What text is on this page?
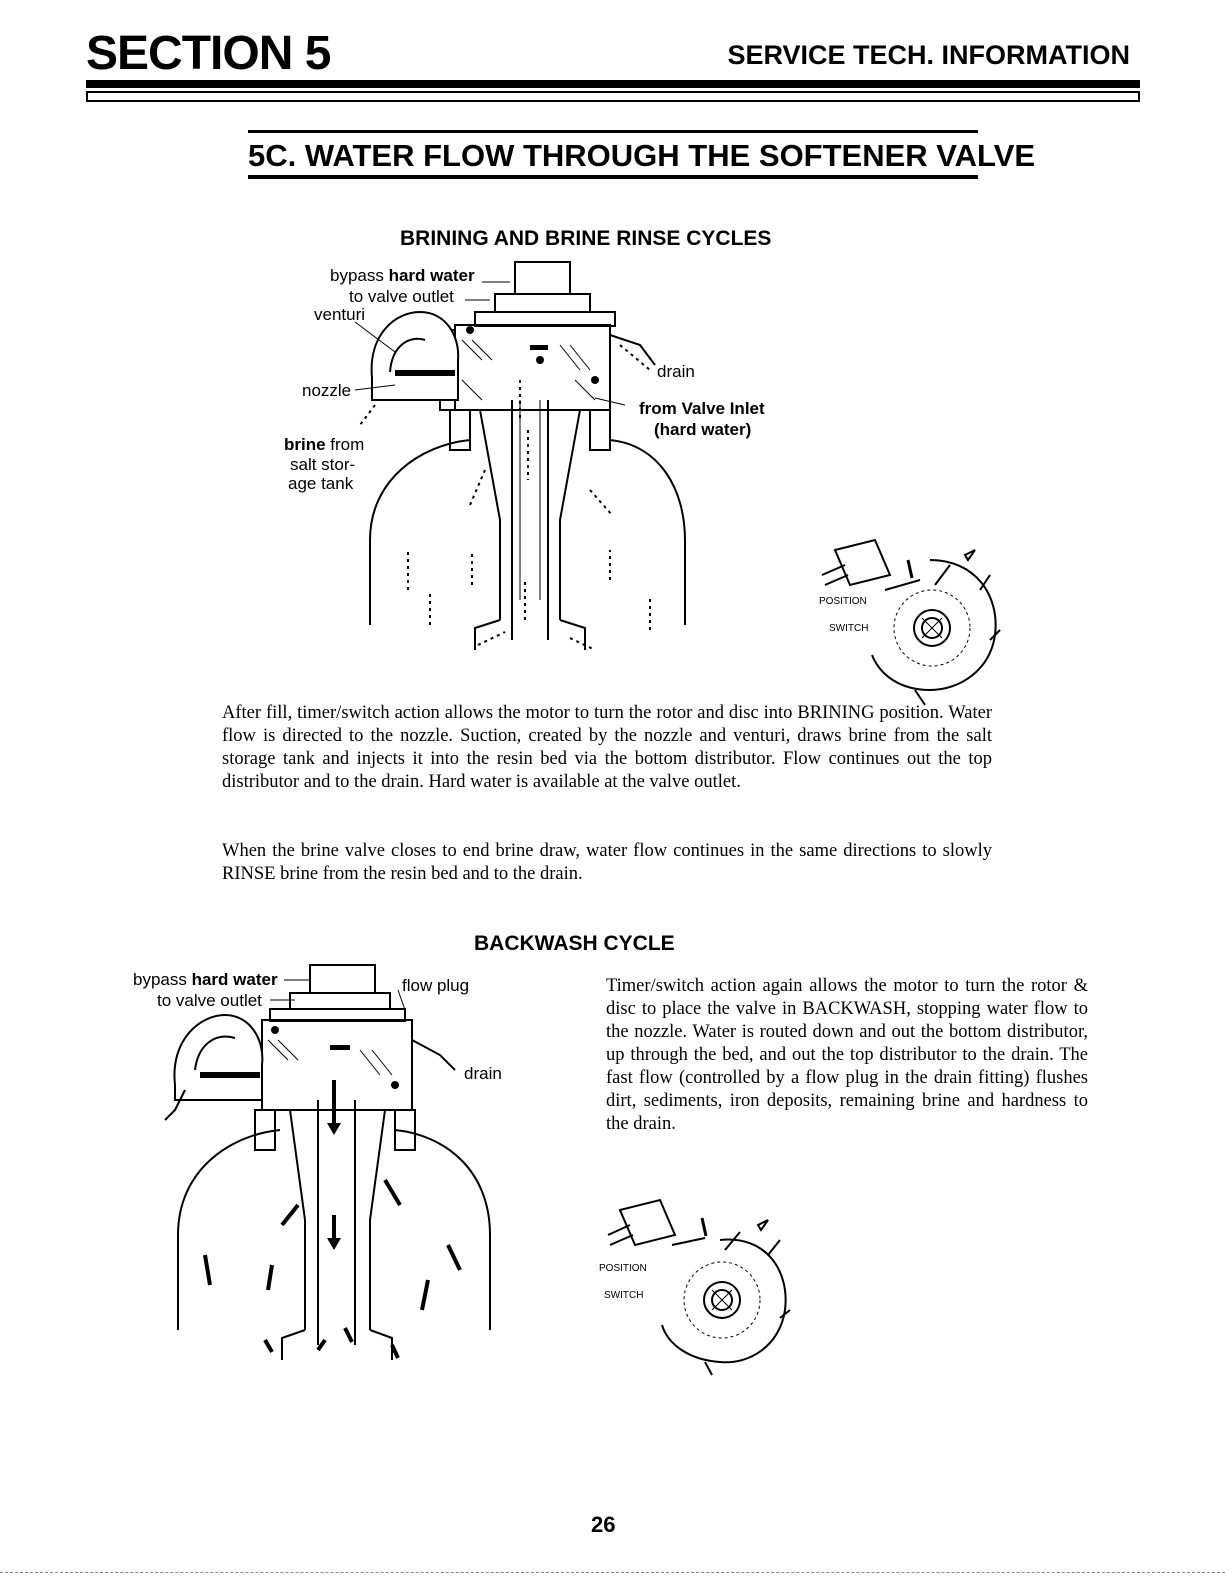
SECTION 5	SERVICE TECH. INFORMATION
5C. WATER FLOW THROUGH THE SOFTENER VALVE
BRINING AND BRINE RINSE CYCLES
bypass hard water
to valve outlet
venturi
nozzle
drain
from Valve Inlet
(hard water)
brine from
salt stor-
age tank
POSITION
SWITCH
After fill, timer/switch action allows the motor to turn the rotor and disc into BRINING position. Water flow is directed to the nozzle. Suction, created by the nozzle and venturi, draws brine from the salt storage tank and injects it into the resin bed via the bottom distributor. Flow continues out the top distributor and to the drain. Hard water is available at the valve outlet.
When the brine valve closes to end brine draw, water flow continues in the same directions to slowly RINSE brine from the resin bed and to the drain.
BACKWASH CYCLE
bypass hard water
to valve outlet
flow plug
drain
POSITION
SWITCH
Timer/switch action again allows the motor to turn the rotor & disc to place the valve in BACKWASH, stopping water flow to the nozzle. Water is routed down and out the bottom distributor, up through the bed, and out the top distributor to the drain. The fast flow (controlled by a flow plug in the drain fitting) flushes dirt, sediments, iron deposits, remaining brine and hardness to the drain.
26
